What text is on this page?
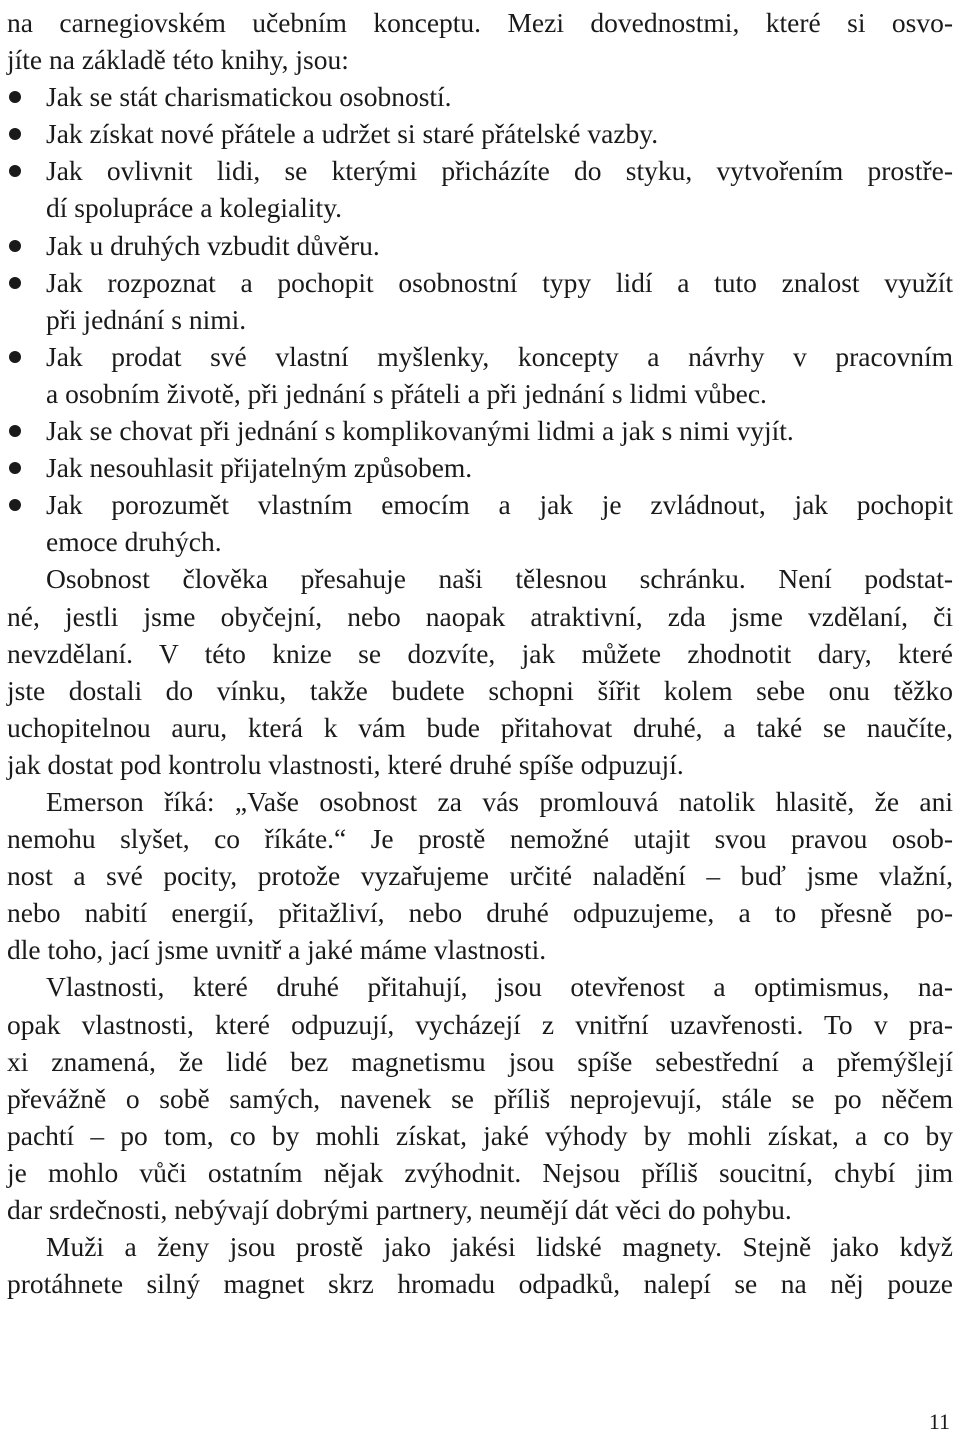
na carnegiovském učebním konceptu. Mezi dovednostmi, které si osvo-
jíte na základě této knihy, jsou:
Jak se stát charismatickou osobností.
Jak získat nové přátele a udržet si staré přátelské vazby.
Jak ovlivnit lidi, se kterými přicházíte do styku, vytvořením prostře-
dí spolupráce a kolegiality.
Jak u druhých vzbudit důvěru.
Jak rozpoznat a pochopit osobnostní typy lidí a tuto znalost využít
při jednání s nimi.
Jak prodat své vlastní myšlenky, koncepty a návrhy v pracovním
a osobním životě, při jednání s přáteli a při jednání s lidmi vůbec.
Jak se chovat při jednání s komplikovanými lidmi a jak s nimi vyjít.
Jak nesouhlasit přijatelným způsobem.
Jak porozumět vlastním emocím a jak je zvládnout, jak pochopit
emoce druhých.
Osobnost člověka přesahuje naši tělesnou schránku. Není podstat-
né, jestli jsme obyčejní, nebo naopak atraktivní, zda jsme vzdělaní, či
nevzdělaní. V této knize se dozvíte, jak můžete zhodnotit dary, které
jste dostali do vínku, takže budete schopni šířit kolem sebe onu těžko
uchopitelnou auru, která k vám bude přitahovat druhé, a také se naučíte,
jak dostat pod kontrolu vlastnosti, které druhé spíše odpuzují.
Emerson říká: „Vaše osobnost za vás promlouvá natolik hlasitě, že ani
nemohu slyšet, co říkáte.“ Je prostě nemožné utajit svou pravou osob-
nost a své pocity, protože vyzařujeme určité naladění – buď jsme vlažní,
nebo nabití energií, přitažliví, nebo druhé odpuzujeme, a to přesně po-
dle toho, jací jsme uvnitř a jaké máme vlastnosti.
Vlastnosti, které druhé přitahují, jsou otevřenost a optimismus, na-
opak vlastnosti, které odpuzují, vycházejí z vnitřní uzavřenosti. To v pra-
xi znamená, že lidé bez magnetismu jsou spíše sebestřední a přemýšlejí
převážně o sobě samých, navenek se příliš neprojevují, stále se po něčem
pachtí – po tom, co by mohli získat, jaké výhody by mohli získat, a co by
je mohlo vůči ostatním nějak zvýhodnit. Nejsou příliš soucitní, chybí jim
dar srdečnosti, nebývají dobrými partnery, neumějí dát věci do pohybu.
Muži a ženy jsou prostě jako jakési lidské magnety. Stejně jako když
protáhnete silný magnet skrz hromadu odpadků, nalepí se na něj pouze
11
